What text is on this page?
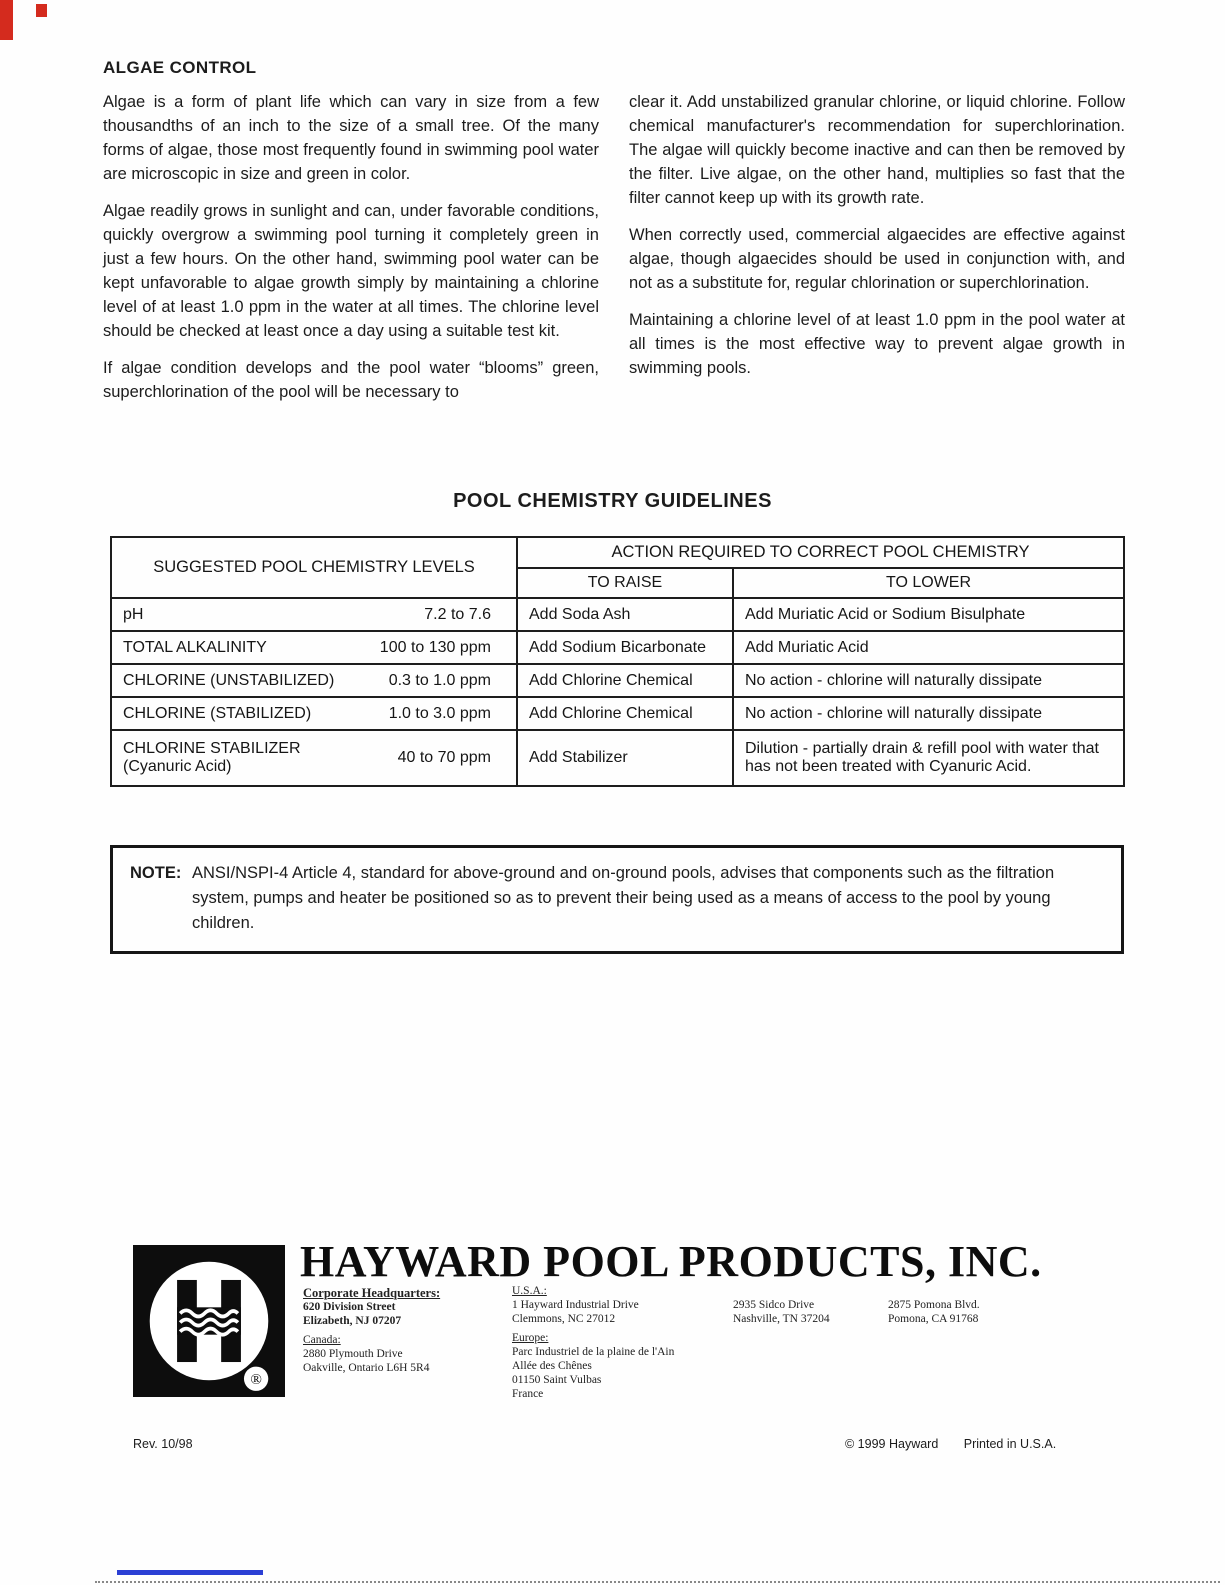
ALGAE CONTROL

Algae is a form of plant life which can vary in size from a few thousandths of an inch to the size of a small tree. Of the many forms of algae, those most frequently found in swimming pool water are microscopic in size and green in color.

Algae readily grows in sunlight and can, under favorable conditions, quickly overgrow a swimming pool turning it completely green in just a few hours. On the other hand, swimming pool water can be kept unfavorable to algae growth simply by maintaining a chlorine level of at least 1.0 ppm in the water at all times. The chlorine level should be checked at least once a day using a suitable test kit.

If algae condition develops and the pool water “blooms” green, superchlorination of the pool will be necessary to

clear it. Add unstabilized granular chlorine, or liquid chlorine. Follow chemical manufacturer's recommendation for superchlorination. The algae will quickly become inactive and can then be removed by the filter. Live algae, on the other hand, multiplies so fast that the filter cannot keep up with its growth rate.

When correctly used, commercial algaecides are effective against algae, though algaecides should be used in conjunction with, and not as a substitute for, regular chlorination or superchlorination.

Maintaining a chlorine level of at least 1.0 ppm in the pool water at all times is the most effective way to prevent algae growth in swimming pools.

POOL CHEMISTRY GUIDELINES
SUGGESTED POOL CHEMISTRY LEVELS	ACTION REQUIRED TO CORRECT POOL CHEMISTRY	
	TO RAISE	TO LOWER

pH 7.2 to 7.6	Add Soda Ash	Add Muriatic Acid or Sodium Bisulphate

TOTAL ALKALINITY 100 to 130 ppm	Add Sodium Bicarbonate	Add Muriatic Acid

CHLORINE (UNSTABILIZED) 0.3 to 1.0 ppm	Add Chlorine Chemical	No action - chlorine will naturally dissipate

CHLORINE (STABILIZED) 1.0 to 3.0 ppm	Add Chlorine Chemical	No action - chlorine will naturally dissipate

CHLORINE STABILIZER
(Cyanuric Acid)
40 to 70 ppm	Add Stabilizer	Dilution - partially drain & refill pool with water that has not been treated with Cyanuric Acid.
NOTE: ANSI/NSPI-4 Article 4, standard for above-ground and on-ground pools, advises that components such as the filtration system, pumps and heater be positioned so as to prevent their being used as a means of access to the pool by young children.
®
HAYWARD POOL PRODUCTS, INC.
Corporate Headquarters:
620 Division Street
Elizabeth, NJ 07207
Canada:
2880 Plymouth Drive
Oakville, Ontario L6H 5R4
U.S.A.:
1 Hayward Industrial Drive
Clemmons, NC 27012
Europe:
Parc Industriel de la plaine de l'Ain
Allée des Chênes
01150 Saint Vulbas
France
2935 Sidco Drive
Nashville, TN 37204
2875 Pomona Blvd.
Pomona, CA 91768
Rev. 10/98	© 1999 Hayward Printed in U.S.A.
